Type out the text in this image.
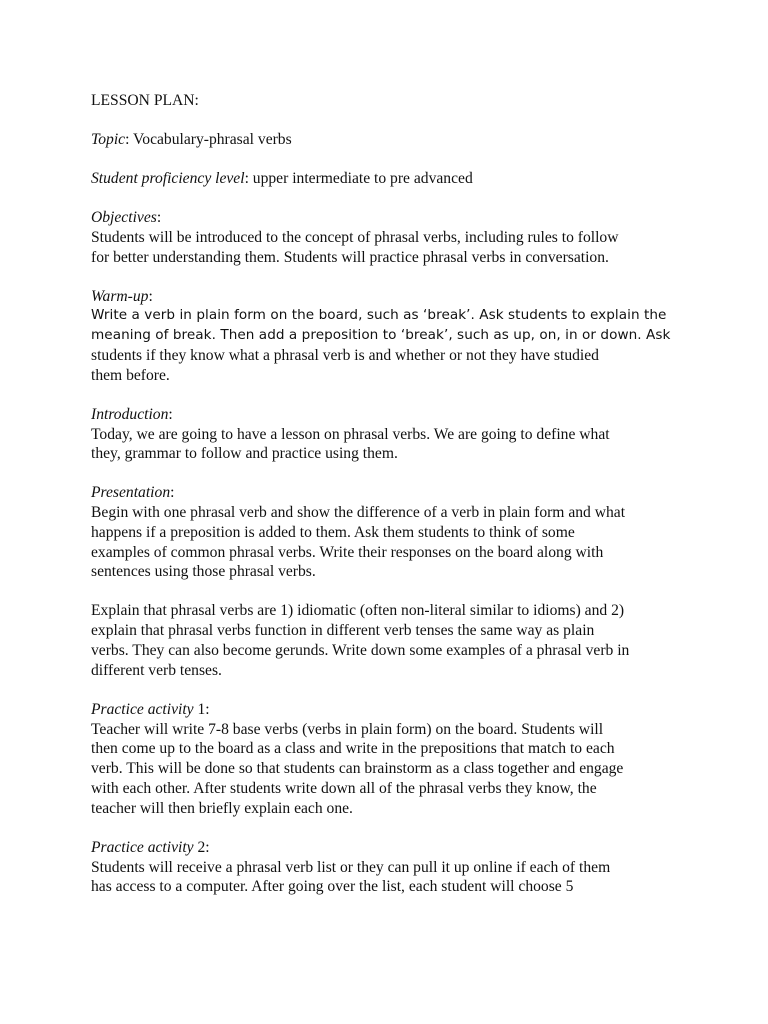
LESSON PLAN:

Topic: Vocabulary-phrasal verbs

Student proficiency level: upper intermediate to pre advanced

Objectives:
Students will be introduced to the concept of phrasal verbs, including rules to follow
for better understanding them. Students will practice phrasal verbs in conversation.
Warm-up:
Write a verb in plain form on the board, such as ‘break’. Ask students to explain the
meaning of break. Then add a preposition to ‘break’, such as up, on, in or down. Ask
students if they know what a phrasal verb is and whether or not they have studied
them before.
Introduction:
Today, we are going to have a lesson on phrasal verbs. We are going to define what
they, grammar to follow and practice using them.
Presentation:
Begin with one phrasal verb and show the difference of a verb in plain form and what
happens if a preposition is added to them. Ask them students to think of some
examples of common phrasal verbs. Write their responses on the board along with
sentences using those phrasal verbs.
Explain that phrasal verbs are 1) idiomatic (often non-literal similar to idioms) and 2)
explain that phrasal verbs function in different verb tenses the same way as plain
verbs. They can also become gerunds. Write down some examples of a phrasal verb in
different verb tenses.
Practice activity 1:
Teacher will write 7-8 base verbs (verbs in plain form) on the board. Students will
then come up to the board as a class and write in the prepositions that match to each
verb. This will be done so that students can brainstorm as a class together and engage
with each other. After students write down all of the phrasal verbs they know, the
teacher will then briefly explain each one.
Practice activity 2:
Students will receive a phrasal verb list or they can pull it up online if each of them
has access to a computer. After going over the list, each student will choose 5
